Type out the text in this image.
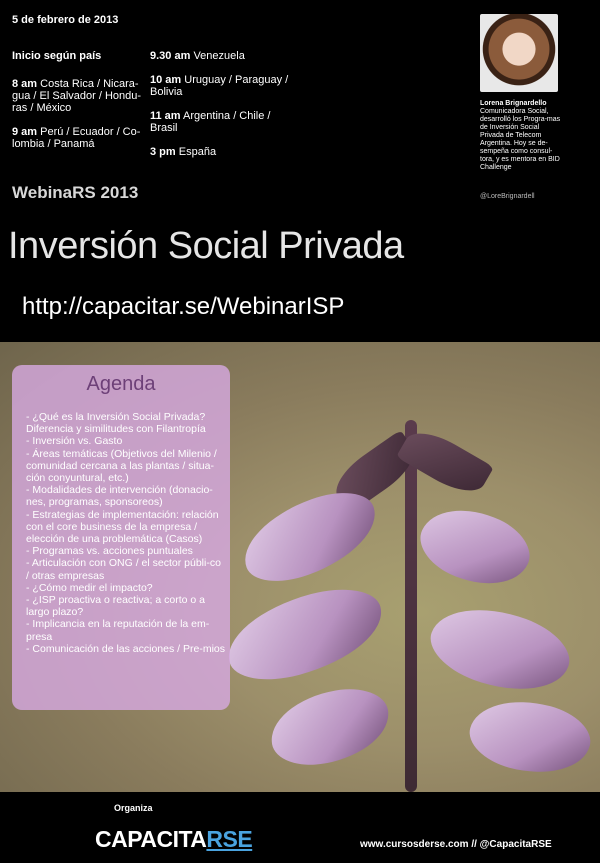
5 de febrero de 2013
Inicio según país
8 am Costa Rica / Nicara-gua / El Salvador / Hondu-ras / México
9 am Perú / Ecuador / Co-lombia / Panamá
9.30 am Venezuela
10 am Uruguay / Paraguay / Bolivia
11 am Argentina / Chile / Brasil
3 pm España
Lorena Brignardello
Comunicadora Social, desarrolló los Progra-mas de Inversión Social Privada de Telecom Argentina. Hoy se de-sempeña como consul-tora, y es mentora en BID Challenge
@LoreBrignardell
WebinaRS 2013
Inversión Social Privada
http://capacitar.se/WebinarISP
Agenda
- ¿Qué es la Inversión Social Privada? Diferencia y similitudes con Filantropía
- Inversión vs. Gasto
- Áreas temáticas (Objetivos del Milenio / comunidad cercana a las plantas / situa-ción conyuntural, etc.)
- Modalidades de intervención (donacio-nes, programas, sponsoreos)
- Estrategias de implementación: relación con el core business de la empresa / elección de una problemática (Casos)
- Programas vs. acciones puntuales
- Articulación con ONG / el sector públi-co / otras empresas
- ¿Cómo medir el impacto?
- ¿ISP proactiva o reactiva; a corto o a largo plazo?
- Implicancia en la reputación de la em-presa
- Comunicación de las acciones / Pre-mios
Organiza
CAPACITARSE	www.cursosderse.com // @CapacitaRSE
